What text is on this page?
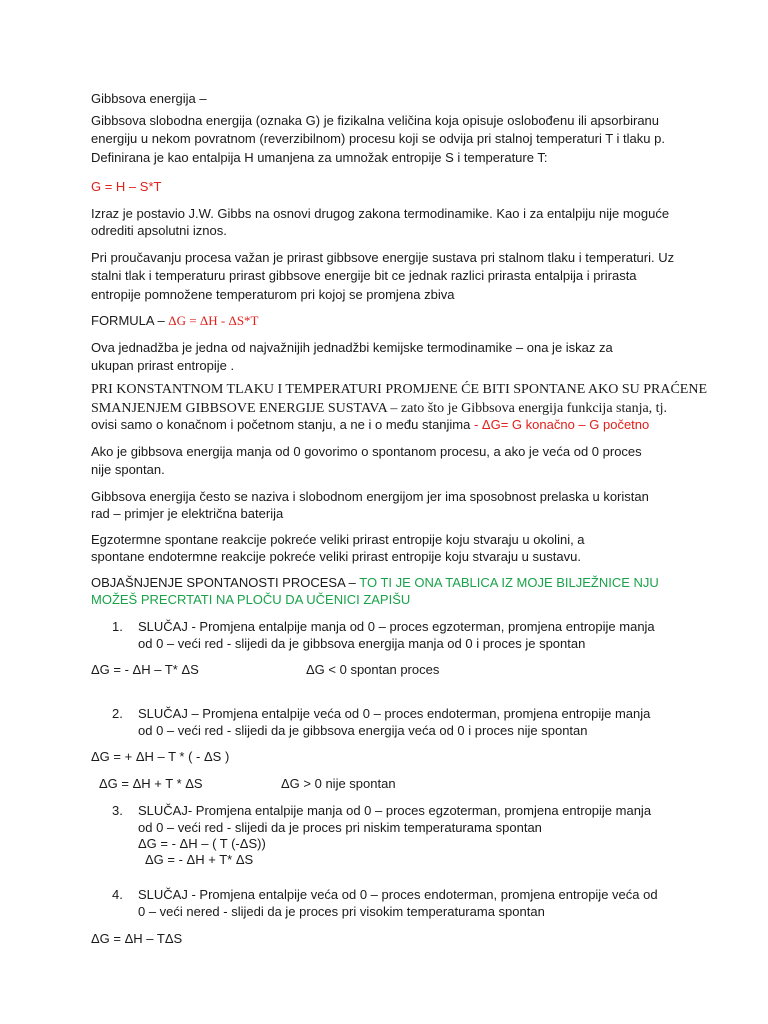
Gibbsova energija –
Gibbsova slobodna energija (oznaka G) je fizikalna veličina koja opisuje oslobođenu ili apsorbiranu
energiju u nekom povratnom (reverzibilnom) procesu koji se odvija pri stalnoj temperaturi T i tlaku p.
Definirana je kao entalpija H umanjena za umnožak entropije S i temperature T:
G = H – S*T
Izraz je postavio J.W. Gibbs na osnovi drugog zakona termodinamike. Kao i za entalpiju nije moguće
odrediti apsolutni iznos.
Pri proučavanju procesa važan je prirast gibbsove energije sustava pri stalnom tlaku i temperaturi. Uz
stalni tlak i temperaturu prirast gibbsove energije bit ce jednak razlici prirasta entalpija i prirasta
entropije pomnožene temperaturom pri kojoj se promjena zbiva
FORMULA – ΔG = ΔH - ΔS*T
Ova jednadžba je jedna od najvažnijih jednadžbi kemijske termodinamike – ona je iskaz za
ukupan prirast entropije .
PRI KONSTANTNOM TLAKU I TEMPERATURI PROMJENE ĆE BITI SPONTANE AKO SU PRAĆENE
SMANJENJEM GIBBSOVE ENERGIJE SUSTAVA – zato što je Gibbsova energija funkcija stanja, tj.
ovisi samo o konačnom i početnom stanju, a ne i o među stanjima - ΔG= G konačno – G početno
Ako je gibbsova energija manja od 0 govorimo o spontanom procesu, a ako je veća od 0 proces
nije spontan.
Gibbsova energija često se naziva i slobodnom energijom jer ima sposobnost prelaska u koristan
rad – primjer je električna baterija
Egzotermne spontane reakcije pokreće veliki prirast entropije koju stvaraju u okolini, a
spontane endotermne reakcije pokreće veliki prirast entropije koju stvaraju u sustavu.
OBJAŠNJENJE SPONTANOSTI PROCESA – TO TI JE ONA TABLICA IZ MOJE BILJEŽNICE NJU
MOŽEŠ PRECRTATI NA PLOČU DA UČENICI ZAPIŠU
1. SLUČAJ - Promjena entalpije manja od 0 – proces egzoterman, promjena entropije manja
od 0 – veći red - slijedi da je gibbsova energija manja od 0 i proces je spontan
ΔG = - ΔH – T* ΔS	ΔG < 0 spontan proces
2. SLUČAJ – Promjena entalpije veća od 0 – proces endoterman, promjena entropije manja
od 0 – veći red - slijedi da je gibbsova energija veća od 0 i proces nije spontan
ΔG = + ΔH – T * ( - ΔS )
ΔG = ΔH + T * ΔS	ΔG > 0 nije spontan
3. SLUČAJ- Promjena entalpije manja od 0 – proces egzoterman, promjena entropije manja
od 0 – veći red - slijedi da je proces pri niskim temperaturama spontan
ΔG = - ΔH – ( T (-ΔS))
ΔG = - ΔH + T* ΔS
4. SLUČAJ - Promjena entalpije veća od 0 – proces endoterman, promjena entropije veća od
0 – veći nered - slijedi da je proces pri visokim temperaturama spontan
ΔG = ΔH – TΔS
